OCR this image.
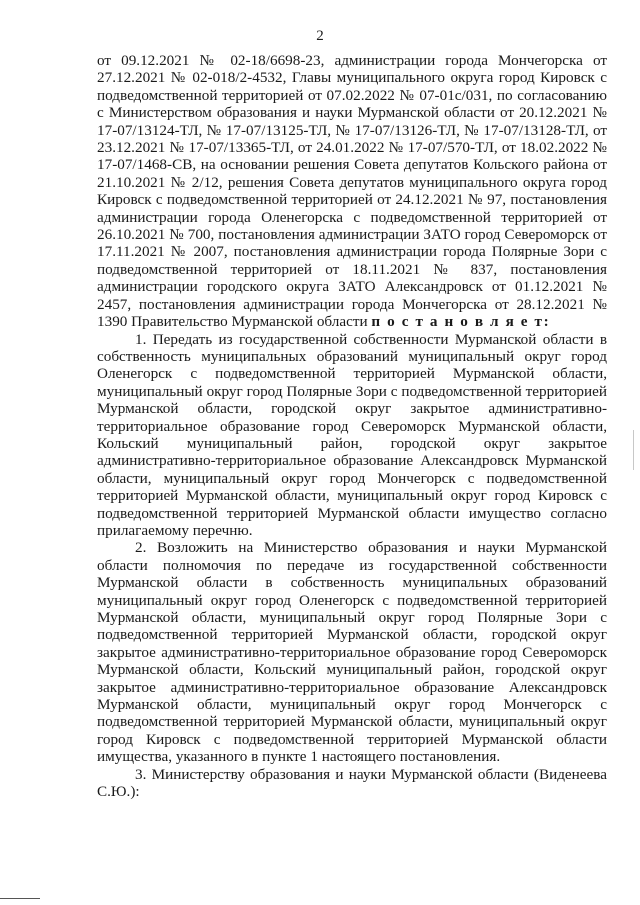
2

от 09.12.2021 № 02-18/6698-23, администрации города Мончегорска от 27.12.2021 № 02-018/2-4532, Главы муниципального округа город Кировск с подведомственной территорией от 07.02.2022 № 07-01с/031, по согласованию с Министерством образования и науки Мурманской области от 20.12.2021 № 17-07/13124-ТЛ, № 17-07/13125-ТЛ, № 17-07/13126-ТЛ, № 17-07/13128-ТЛ, от 23.12.2021 № 17-07/13365-ТЛ, от 24.01.2022 № 17-07/570-ТЛ, от 18.02.2022 № 17-07/1468-СВ, на основании решения Совета депутатов Кольского района от 21.10.2021 № 2/12, решения Совета депутатов муниципального округа город Кировск с подведомственной территорией от 24.12.2021 № 97, постановления администрации города Оленегорска с подведомственной территорией от 26.10.2021 № 700, постановления администрации ЗАТО город Североморск от 17.11.2021 № 2007, постановления администрации города Полярные Зори с подведомственной территорией от 18.11.2021 № 837, постановления администрации городского округа ЗАТО Александровск от 01.12.2021 № 2457, постановления администрации города Мончегорска от 28.12.2021 № 1390 Правительство Мурманской области п о с т а н о в л я е т:

1. Передать из государственной собственности Мурманской области в собственность муниципальных образований муниципальный округ город Оленегорск с подведомственной территорией Мурманской области, муниципальный округ город Полярные Зори с подведомственной территорией Мурманской области, городской округ закрытое административно-территориальное образование город Североморск Мурманской области, Кольский муниципальный район, городской округ закрытое административно-территориальное образование Александровск Мурманской области, муниципальный округ город Мончегорск с подведомственной территорией Мурманской области, муниципальный округ город Кировск с подведомственной территорией Мурманской области имущество согласно прилагаемому перечню.

2. Возложить на Министерство образования и науки Мурманской области полномочия по передаче из государственной собственности Мурманской области в собственность муниципальных образований муниципальный округ город Оленегорск с подведомственной территорией Мурманской области, муниципальный округ город Полярные Зори с подведомственной территорией Мурманской области, городской округ закрытое административно-территориальное образование город Североморск Мурманской области, Кольский муниципальный район, городской округ закрытое административно-территориальное образование Александровск Мурманской области, муниципальный округ город Мончегорск с подведомственной территорией Мурманской области, муниципальный округ город Кировск с подведомственной территорией Мурманской области имущества, указанного в пункте 1 настоящего постановления.

3. Министерству образования и науки Мурманской области (Виденеева С.Ю.):
